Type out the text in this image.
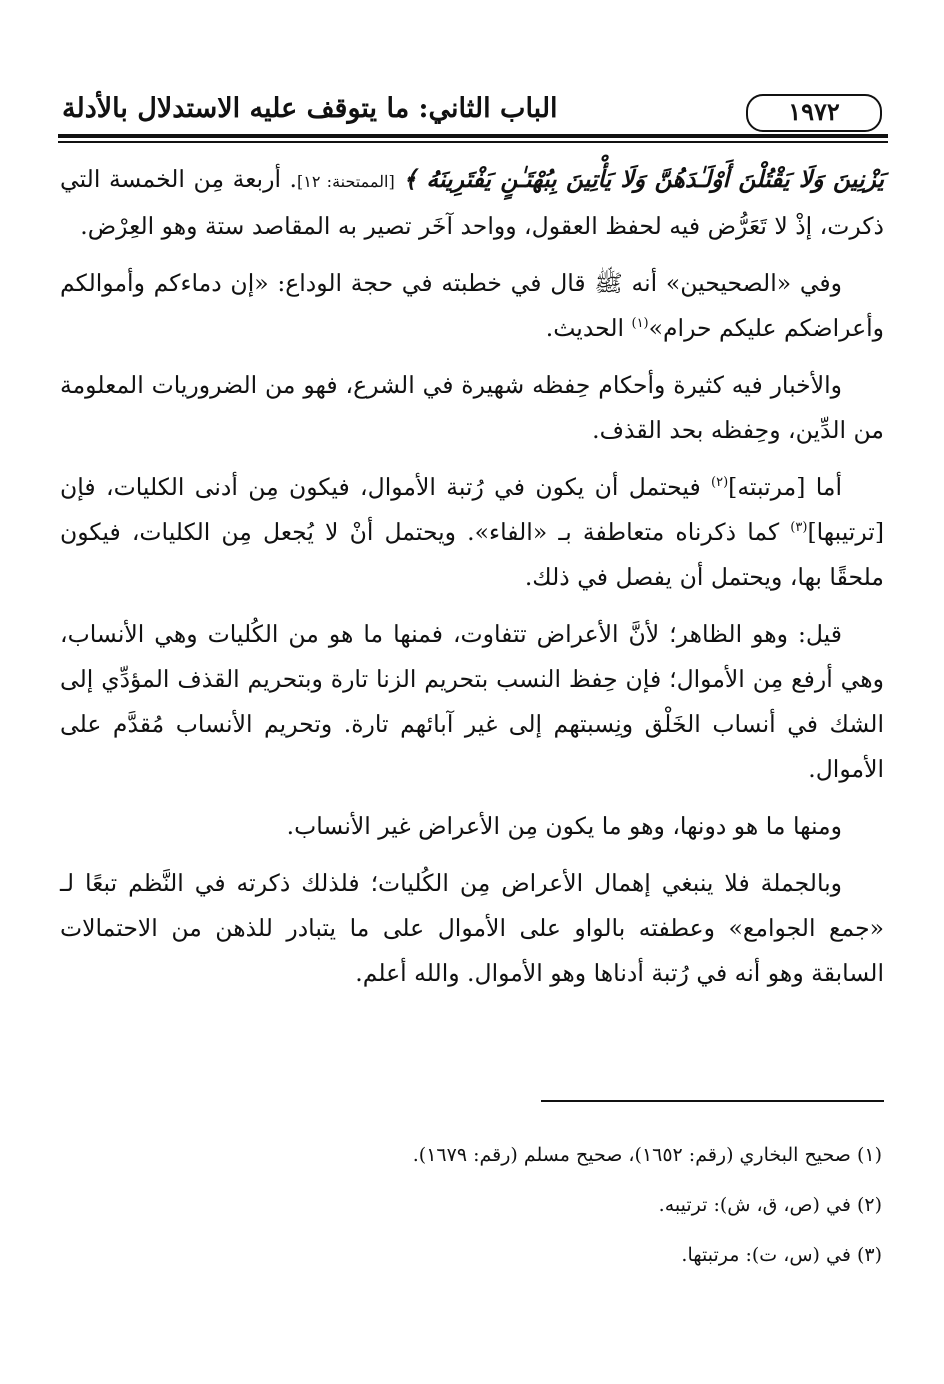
١٩٧٢
الباب الثاني: ما يتوقف عليه الاستدلال بالأدلة

يَزْنِينَ وَلَا يَقْتُلْنَ أَوْلَـٰدَهُنَّ وَلَا يَأْتِينَ بِبُهْتَـٰنٍ يَفْتَرِينَهُ ﴾ [الممتحنة: ١٢]. أربعة مِن الخمسة التي ذكرت، إذْ لا تَعَرُّض فيه لحفظ العقول، وواحد آخَر تصير به المقاصد ستة وهو العِرْض.

وفي «الصحيحين» أنه ﷺ قال في خطبته في حجة الوداع: «إن دماءكم وأموالكم وأعراضكم عليكم حرام»$^{(١)}$ الحديث.

والأخبار فيه كثيرة وأحكام حِفظه شهيرة في الشرع، فهو من الضروريات المعلومة من الدِّين، وحِفظه بحد القذف.

أما [مرتبته]$^{(٢)}$ فيحتمل أن يكون في رُتبة الأموال، فيكون مِن أدنى الكليات، فإن [ترتيبها]$^{(٣)}$ كما ذكرناه متعاطفة بـ «الفاء». ويحتمل أنْ لا يُجعل مِن الكليات، فيكون ملحقًا بها، ويحتمل أن يفصل في ذلك.

قيل: وهو الظاهر؛ لأنَّ الأعراض تتفاوت، فمنها ما هو من الكُليات وهي الأنساب، وهي أرفع مِن الأموال؛ فإن حِفظ النسب بتحريم الزنا تارة وبتحريم القذف المؤدِّي إلى الشك في أنساب الخَلْق ونِسبتهم إلى غير آبائهم تارة. وتحريم الأنساب مُقدَّم على الأموال.

ومنها ما هو دونها، وهو ما يكون مِن الأعراض غير الأنساب.

وبالجملة فلا ينبغي إهمال الأعراض مِن الكُليات؛ فلذلك ذكرته في النَّظم تبعًا لـ «جمع الجوامع» وعطفته بالواو على الأموال على ما يتبادر للذهن من الاحتمالات السابقة وهو أنه في رُتبة أدناها وهو الأموال. والله أعلم.

(١) صحيح البخاري (رقم: ١٦٥٢)، صحيح مسلم (رقم: ١٦٧٩).
(٢) في (ص، ق، ش): ترتيبه.
(٣) في (س، ت): مرتبتها.
